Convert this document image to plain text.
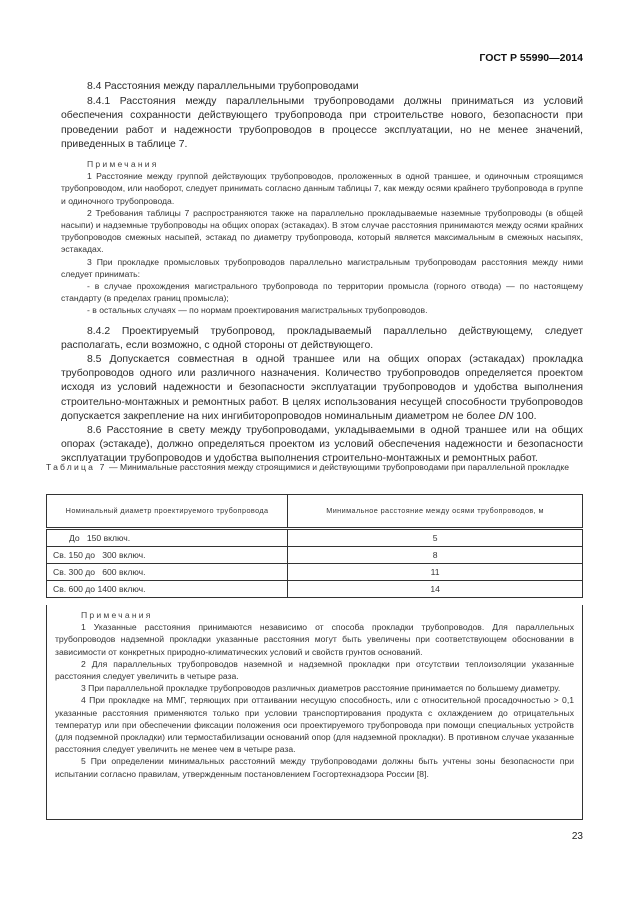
ГОСТ Р 55990—2014

8.4 Расстояния между параллельными трубопроводами

8.4.1 Расстояния между параллельными трубопроводами должны приниматься из условий обеспечения сохранности действующего трубопровода при строительстве нового, безопасности при проведении работ и надежности трубопроводов в процессе эксплуатации, но не менее значений, приведенных в таблице 7.

Примечания

1 Расстояние между группой действующих трубопроводов, проложенных в одной траншее, и одиночным строящимся трубопроводом, или наоборот, следует принимать согласно данным таблицы 7, как между осями крайнего трубопровода в группе и одиночного трубопровода.

2 Требования таблицы 7 распространяются также на параллельно прокладываемые наземные трубопроводы (в общей насыпи) и надземные трубопроводы на общих опорах (эстакадах). В этом случае расстояния принимаются между осями крайних трубопроводов смежных насыпей, эстакад по диаметру трубопровода, который является максимальным в смежных насыпях, эстакадах.

3 При прокладке промысловых трубопроводов параллельно магистральным трубопроводам расстояния между ними следует принимать:

- в случае прохождения магистрального трубопровода по территории промысла (горного отвода) — по настоящему стандарту (в пределах границ промысла);

- в остальных случаях — по нормам проектирования магистральных трубопроводов.

8.4.2 Проектируемый трубопровод, прокладываемый параллельно действующему, следует располагать, если возможно, с одной стороны от действующего.

8.5 Допускается совместная в одной траншее или на общих опорах (эстакадах) прокладка трубопроводов одного или различного назначения. Количество трубопроводов определяется проектом исходя из условий надежности и безопасности эксплуатации трубопроводов и удобства выполнения строительно-монтажных и ремонтных работ. В целях использования несущей способности трубопроводов допускается закрепление на них ингибиторопроводов номинальным диаметром не более DN 100.

8.6 Расстояние в свету между трубопроводами, укладываемыми в одной траншее или на общих опорах (эстакаде), должно определяться проектом из условий обеспечения надежности и безопасности эксплуатации трубопроводов и удобства выполнения строительно-монтажных и ремонтных работ.

Таблица 7 — Минимальные расстояния между строящимися и действующими трубопроводами при параллельной прокладке
Номинальный диаметр проектируемого трубопровода	Минимальное расстояние между осями трубопроводов, м
До   150 включ.	5
Св. 150 до   300 включ.	8
Св. 300 до   600 включ.	11
Св. 600 до 1400 включ.	14

Примечания

1 Указанные расстояния принимаются независимо от способа прокладки трубопроводов. Для параллельных трубопроводов надземной прокладки указанные расстояния могут быть увеличены при соответствующем обосновании в зависимости от конкретных природно-климатических условий и свойств грунтов оснований.

2 Для параллельных трубопроводов наземной и надземной прокладки при отсутствии теплоизоляции указанные расстояния следует увеличить в четыре раза.

3 При параллельной прокладке трубопроводов различных диаметров расстояние принимается по большему диаметру.

4 При прокладке на ММГ, теряющих при оттаивании несущую способность, или с относительной просадочностью > 0,1 указанные расстояния применяются только при условии транспортирования продукта с охлаждением до отрицательных температур или при обеспечении фиксации положения оси проектируемого трубопровода при помощи специальных устройств (для подземной прокладки) или термостабилизации оснований опор (для надземной прокладки). В противном случае указанные расстояния следует увеличить не менее чем в четыре раза.

5 При определении минимальных расстояний между трубопроводами должны быть учтены зоны безопасности при испытании согласно правилам, утвержденным постановлением Госгортехнадзора России [8].

23
